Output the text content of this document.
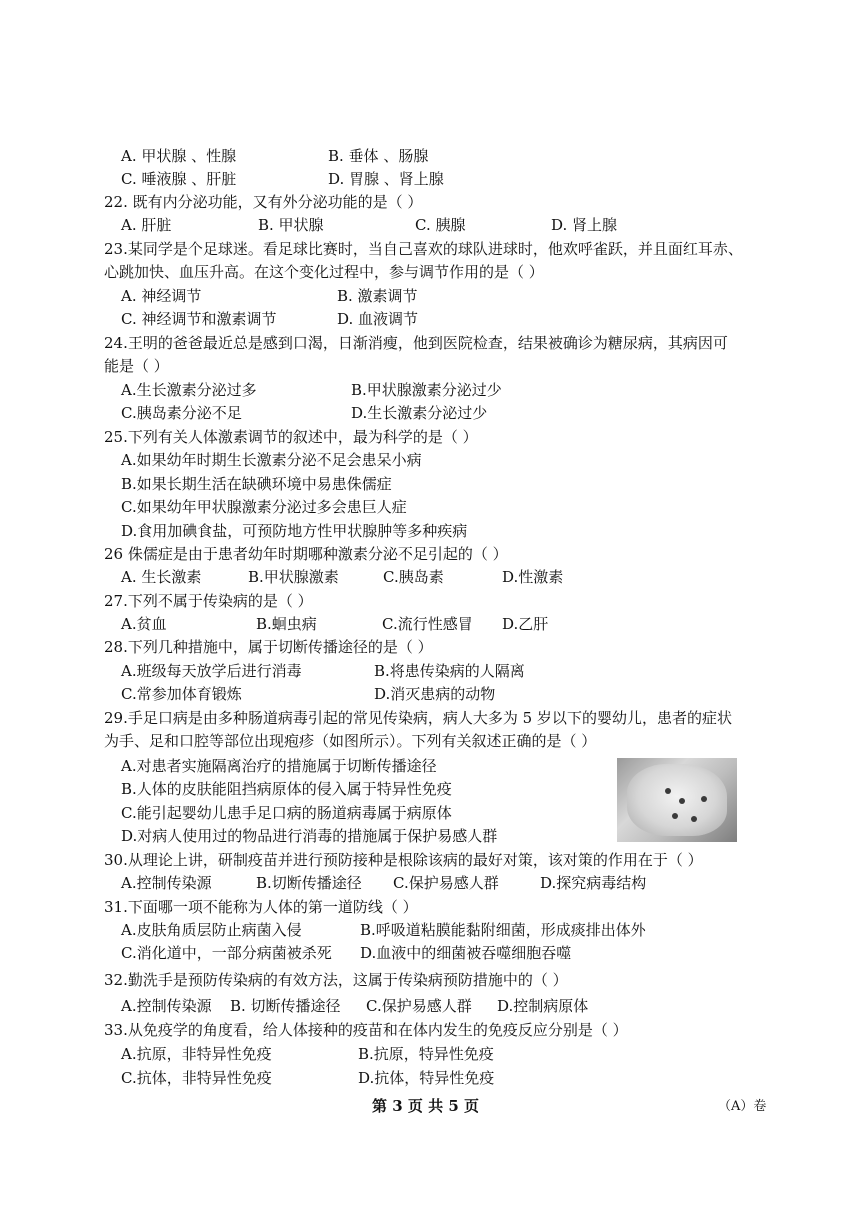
A. 甲状腺 、性腺	B. 垂体 、肠腺
C. 唾液腺 、肝脏	D. 胃腺 、肾上腺
22. 既有内分泌功能，又有外分泌功能的是（ ）
A. 肝脏	B. 甲状腺	C. 胰腺	D. 肾上腺
23.某同学是个足球迷。看足球比赛时，当自己喜欢的球队进球时，他欢呼雀跃，并且面红耳赤、
心跳加快、血压升高。在这个变化过程中，参与调节作用的是（ ）
A. 神经调节	B. 激素调节
C. 神经调节和激素调节	D. 血液调节
24.王明的爸爸最近总是感到口渴，日渐消瘦，他到医院检查，结果被确诊为糖尿病，其病因可
能是（ ）
A.生长激素分泌过多	B.甲状腺激素分泌过少
C.胰岛素分泌不足	D.生长激素分泌过少
25.下列有关人体激素调节的叙述中，最为科学的是（ ）
A.如果幼年时期生长激素分泌不足会患呆小病
B.如果长期生活在缺碘环境中易患侏儒症
C.如果幼年甲状腺激素分泌过多会患巨人症
D.食用加碘食盐，可预防地方性甲状腺肿等多种疾病
26 侏儒症是由于患者幼年时期哪种激素分泌不足引起的（ ）
A. 生长激素	B.甲状腺激素	C.胰岛素	D.性激素
27.下列不属于传染病的是（ ）
A.贫血	B.蛔虫病	C.流行性感冒 D.乙肝
28.下列几种措施中，属于切断传播途径的是（ ）
A.班级每天放学后进行消毒	B.将患传染病的人隔离
C.常参加体育锻炼	D.消灭患病的动物
29.手足口病是由多种肠道病毒引起的常见传染病，病人大多为 5 岁以下的婴幼儿，患者的症状
为手、足和口腔等部位出现疱疹（如图所示）。下列有关叙述正确的是（ ）
A.对患者实施隔离治疗的措施属于切断传播途径
B.人体的皮肤能阻挡病原体的侵入属于特异性免疫
C.能引起婴幼儿患手足口病的肠道病毒属于病原体
D.对病人使用过的物品进行消毒的措施属于保护易感人群
30.从理论上讲，研制疫苗并进行预防接种是根除该病的最好对策，该对策的作用在于（ ）
A.控制传染源	B.切断传播途径 C.保护易感人群	D.探究病毒结构
31.下面哪一项不能称为人体的第一道防线（ ）
A.皮肤角质层防止病菌入侵	B.呼吸道粘膜能黏附细菌，形成痰排出体外
C.消化道中，一部分病菌被杀死 D.血液中的细菌被吞噬细胞吞噬
32.勤洗手是预防传染病的有效方法，这属于传染病预防措施中的（ ）
A.控制传染源 B. 切断传播途径 C.保护易感人群 D.控制病原体
33.从免疫学的角度看，给人体接种的疫苗和在体内发生的免疫反应分别是（ ）
A.抗原，非特异性免疫	B.抗原，特异性免疫
C.抗体，非特异性免疫	D.抗体，特异性免疫
第 3 页 共 5 页	（A）卷
